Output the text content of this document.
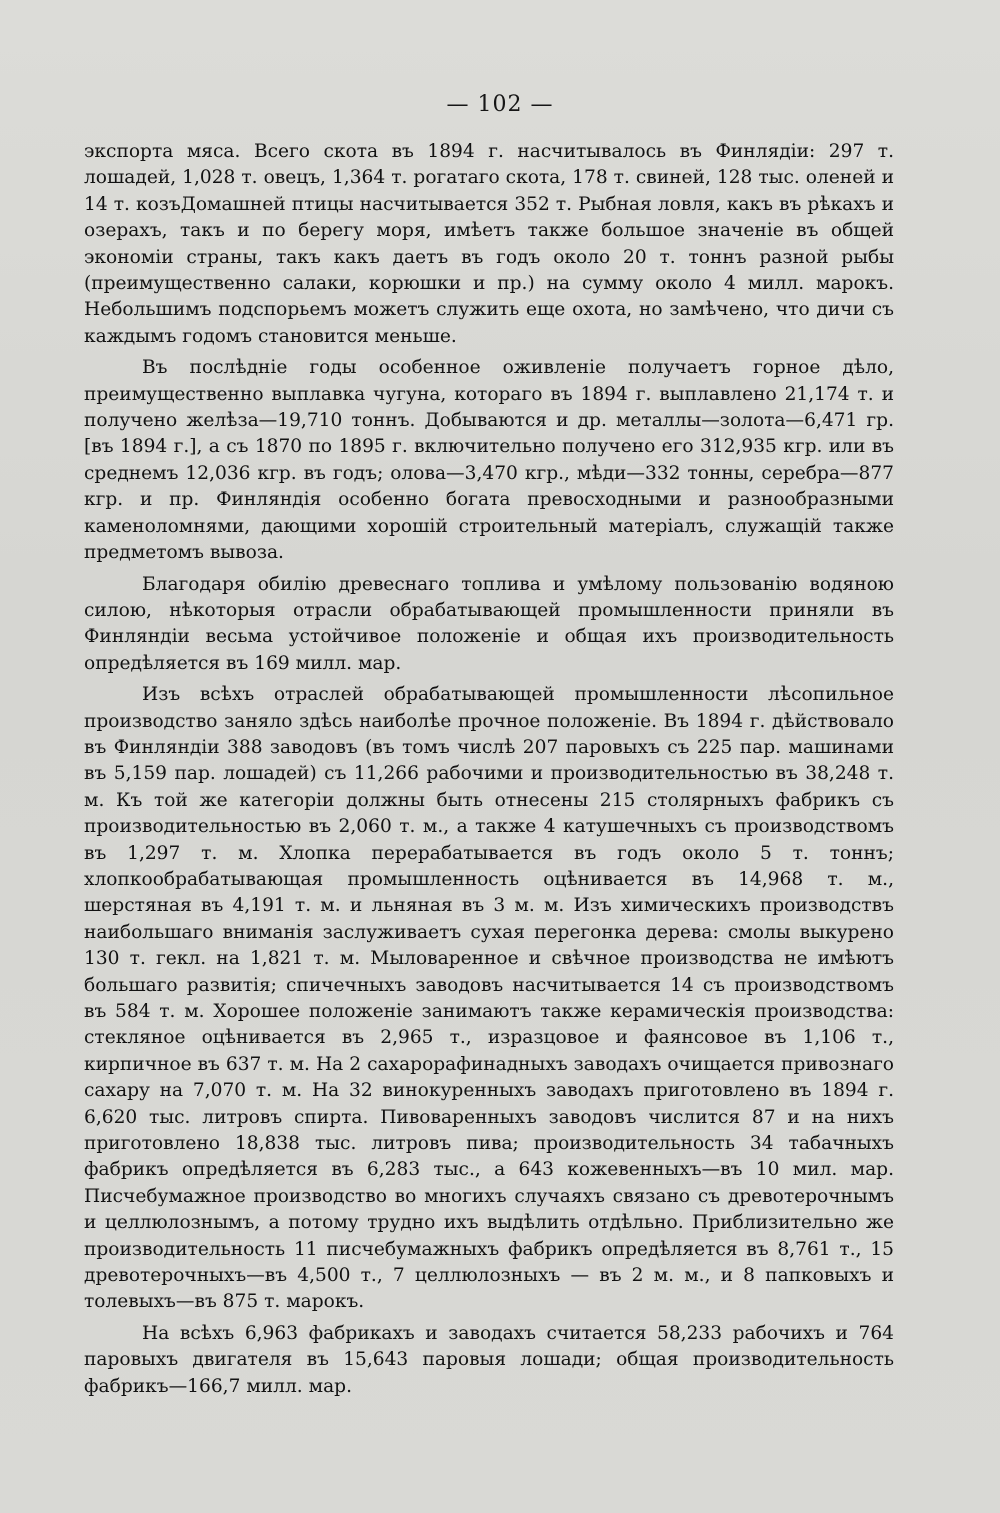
— 102 —

экспорта мяса. Всего скота въ 1894 г. насчитывалось въ Финлядiи: 297 т. лошадей, 1,028 т. овецъ, 1,364 т. рогатаго скота, 178 т. свиней, 128 тыс. оленей и 14 т. козъДомашней птицы насчитывается 352 т. Рыбная ловля, какъ въ рѣкахъ и озерахъ, такъ и по берегу моря, имѣетъ также большое значенiе въ общей экономiи страны, такъ какъ даетъ въ годъ около 20 т. тоннъ разной рыбы (преимущественно салаки, корюшки и пр.) на сумму около 4 милл. марокъ. Небольшимъ подспорьемъ можетъ служить еще охота, но замѣчено, что дичи съ каждымъ годомъ становится меньше.

Въ послѣднiе годы особенное оживленiе получаетъ горное дѣло, преимущественно выплавка чугуна, котораго въ 1894 г. выплавлено 21,174 т. и получено желѣза—19,710 тоннъ. Добываются и др. металлы—золота—6,471 гр. [въ 1894 г.], а съ 1870 по 1895 г. включительно получено его 312,935 кгр. или въ среднемъ 12,036 кгр. въ годъ; олова—3,470 кгр., мѣди—332 тонны, серебра—877 кгр. и пр. Финляндiя особенно богата превосходными и разнообразными каменоломнями, дающими хорошiй строительный матерiалъ, служащiй также предметомъ вывоза.

Благодаря обилiю древеснаго топлива и умѣлому пользованiю водяною силою, нѣкоторыя отрасли обрабатывающей промышленности приняли въ Финляндiи весьма устойчивое положенiе и общая ихъ производительность опредѣляется въ 169 милл. мар.

Изъ всѣхъ отраслей обрабатывающей промышленности лѣсопильное производство заняло здѣсь наиболѣе прочное положенiе. Въ 1894 г. дѣйствовало въ Финляндiи 388 заводовъ (въ томъ числѣ 207 паровыхъ съ 225 пар. машинами въ 5,159 пар. лошадей) съ 11,266 рабочими и производительностью въ 38,248 т. м. Къ той же категорiи должны быть отнесены 215 столярныхъ фабрикъ съ производительностью въ 2,060 т. м., а также 4 катушечныхъ съ производствомъ въ 1,297 т. м. Хлопка перерабатывается въ годъ около 5 т. тоннъ; хлопкообрабатывающая промышленность оцѣнивается въ 14,968 т. м., шерстяная въ 4,191 т. м. и льняная въ 3 м. м. Изъ химическихъ производствъ наибольшаго вниманiя заслуживаетъ сухая перегонка дерева: смолы выкурено 130 т. гекл. на 1,821 т. м. Мыловаренное и свѣчное производства не имѣютъ большаго развитiя; спичечныхъ заводовъ насчитывается 14 съ производствомъ въ 584 т. м. Хорошее положенiе занимаютъ также керамическiя производства: стекляное оцѣнивается въ 2,965 т., изразцовое и фаянсовое въ 1,106 т., кирпичное въ 637 т. м. На 2 сахарорафинадныхъ заводахъ очищается привознаго сахару на 7,070 т. м. На 32 винокуренныхъ заводахъ приготовлено въ 1894 г. 6,620 тыс. литровъ спирта. Пивоваренныхъ заводовъ числится 87 и на нихъ приготовлено 18,838 тыс. литровъ пива; производительность 34 табачныхъ фабрикъ опредѣляется въ 6,283 тыс., а 643 кожевенныхъ—въ 10 мил. мар. Писчебумажное производство во многихъ случаяхъ связано съ древотерочнымъ и целлюлознымъ, а потому трудно ихъ выдѣлить отдѣльно. Приблизительно же производительность 11 писчебумажныхъ фабрикъ опредѣляется въ 8,761 т., 15 древотерочныхъ—въ 4,500 т., 7 целлюлозныхъ — въ 2 м. м., и 8 папковыхъ и толевыхъ—въ 875 т. марокъ.

На всѣхъ 6,963 фабрикахъ и заводахъ считается 58,233 рабочихъ и 764 паровыхъ двигателя въ 15,643 паровыя лошади; общая производительность фабрикъ—166,7 милл. мар.
